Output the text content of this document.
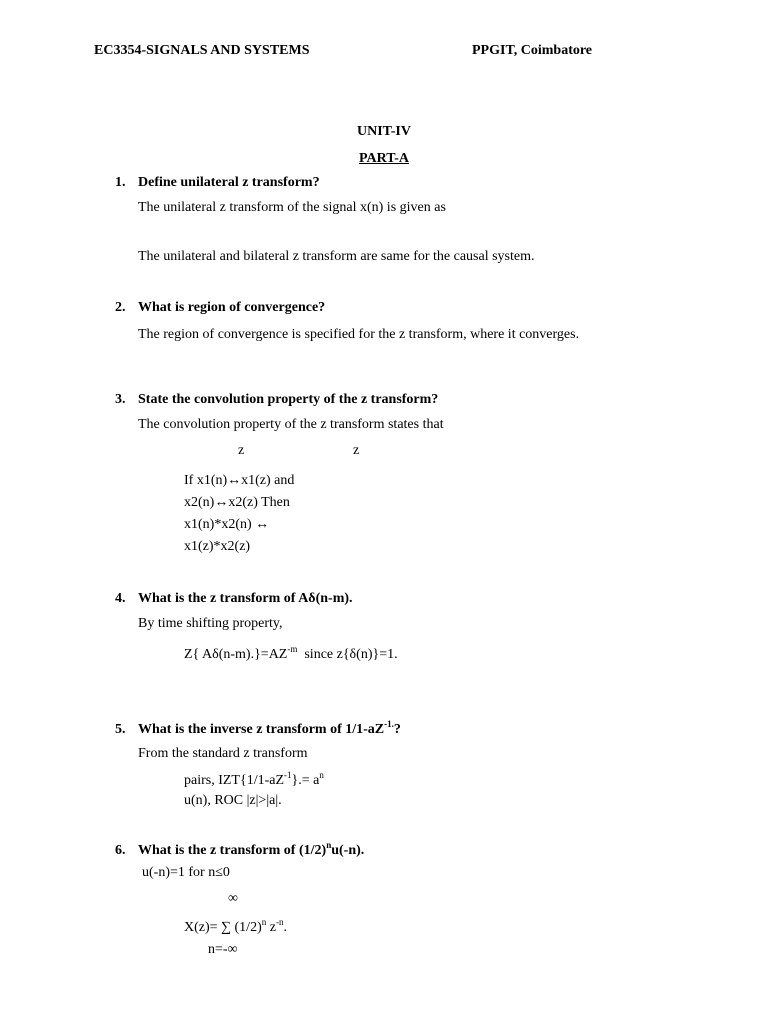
EC3354-SIGNALS AND SYSTEMS	PPGIT, Coimbatore
UNIT-IV
PART-A
1. Define unilateral z transform?
The unilateral z transform of the signal x(n) is given as
The unilateral and bilateral z transform are same for the causal system.
2. What is region of convergence?
The region of convergence is specified for the z transform, where it converges.
3. State the convolution property of the z transform?
The convolution property of the z transform states that
z	z
If x1(n)↔x1(z) and
x2(n)↔x2(z) Then
x1(n)*x2(n) ↔
x1(z)*x2(z)
4. What is the z transform of Aδ(n-m).
By time shifting property,
Z{ $A\delta(n-m).\}=AZ^{-m}$ since z{δ(n)}=1.
5. What is the inverse z transform of $1/1-aZ^{-1.}$?
From the standard z transform
pairs, $IZT\{1/1-aZ^{-1}\}.= a^n$
u(n), ROC |z|>|a|.
6. What is the z transform of $(1/2)^nu(-n)$.
u(-n)=1 for n≤0
∞
X(z)= ∑ $(1/2)^n$ $z^{-n}$.
n=-∞
